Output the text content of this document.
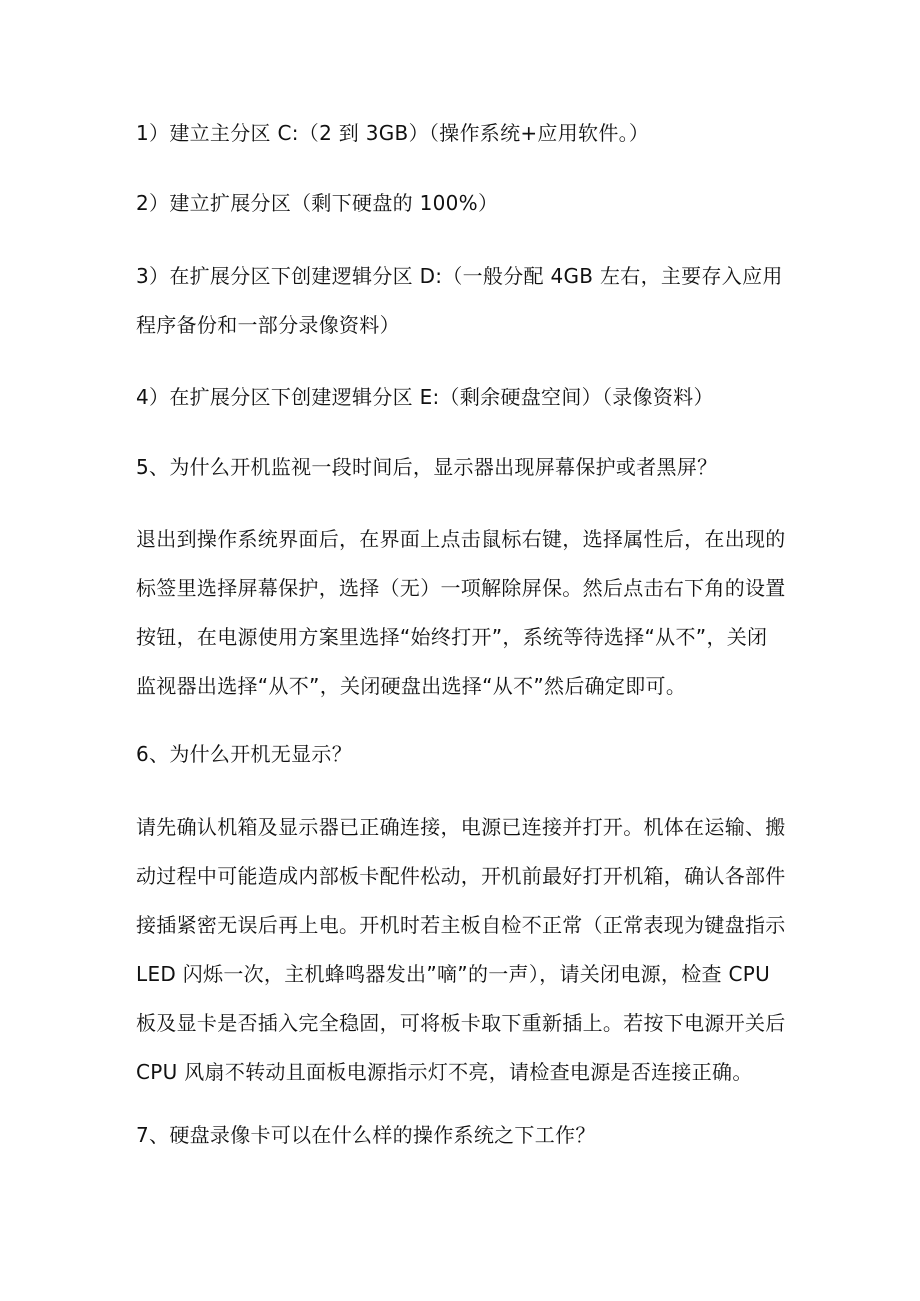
1）建立主分区 C:（2 到 3GB）（操作系统+应用软件。）

2）建立扩展分区（剩下硬盘的 100%）

3）在扩展分区下创建逻辑分区 D:（一般分配 4GB 左右，主要存入应用
程序备份和一部分录像资料）

4）在扩展分区下创建逻辑分区 E:（剩余硬盘空间）（录像资料）

5、为什么开机监视一段时间后，显示器出现屏幕保护或者黑屏？

退出到操作系统界面后，在界面上点击鼠标右键，选择属性后，在出现的
标签里选择屏幕保护，选择（无）一项解除屏保。然后点击右下角的设置
按钮，在电源使用方案里选择“始终打开”，系统等待选择“从不”，关闭
监视器出选择“从不”，关闭硬盘出选择“从不”然后确定即可。

6、为什么开机无显示？

请先确认机箱及显示器已正确连接，电源已连接并打开。机体在运输、搬
动过程中可能造成内部板卡配件松动，开机前最好打开机箱，确认各部件
接插紧密无误后再上电。开机时若主板自检不正常（正常表现为键盘指示
LED 闪烁一次，主机蜂鸣器发出”嘀”的一声），请关闭电源，检查 CPU
板及显卡是否插入完全稳固，可将板卡取下重新插上。若按下电源开关后
CPU 风扇不转动且面板电源指示灯不亮，请检查电源是否连接正确。

7、硬盘录像卡可以在什么样的操作系统之下工作？
